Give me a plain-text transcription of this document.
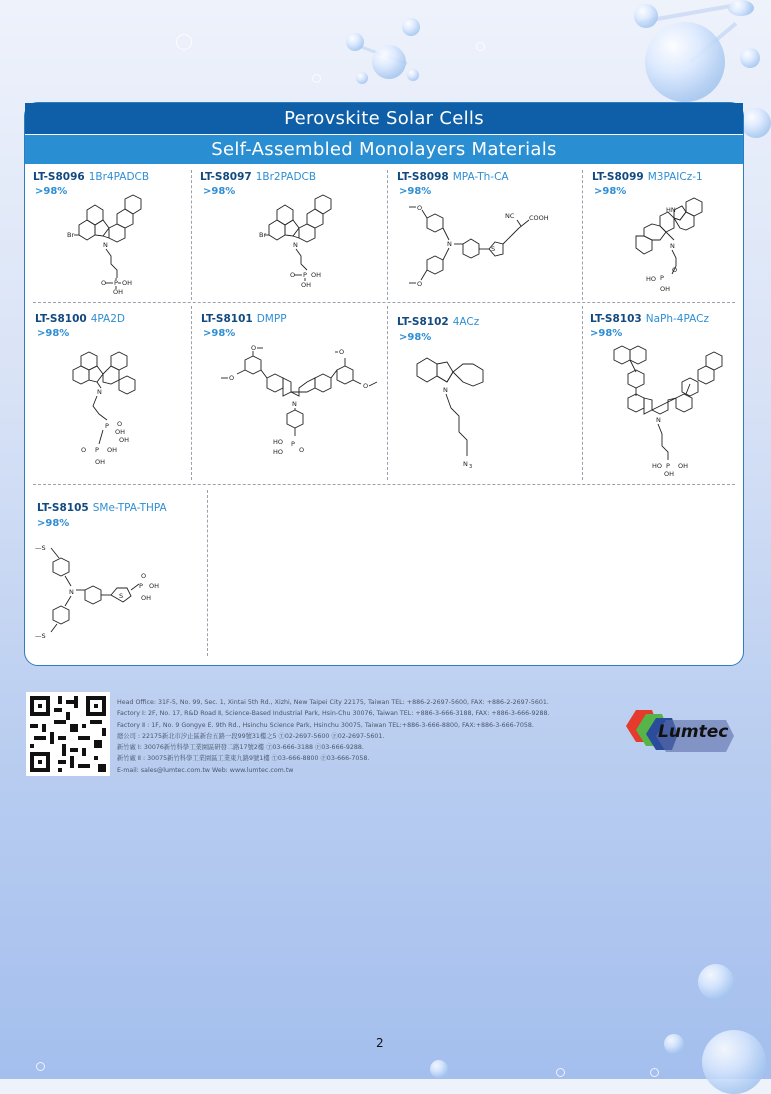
Perovskite Solar Cells
Self-Assembled Monolayers Materials
LT-S8096 1Br4PADCB
>98%
Br
N
P
O OH
OH
LT-S8097 1Br2PADCB
>98%
Br
N
P
O OH
OH
LT-S8098 MPA-Th-CA
>98%
O
N
O
S
NC COOH
LT-S8099 M3PAICz-1
>98%
HN
N
P
HO
O
OH
LT-S8100 4PA2D
>98%
N
P O
OH
OH
P
O	OH
OH
LT-S8101 DMPP
>98%
O
O
O
O
N
P
HO
HO O
LT-S8102 4ACz
>98%
N
N 3
LT-S8103 NaPh-4PACz
>98%
N
P
HO OH
OH
LT-S8105 SMe-TPA-THPA
>98%
—S
N
—S
S
P
O
OH
OH
Head Office: 31F-5, No. 99, Sec. 1, Xintai 5th Rd., Xizhi, New Taipei City 22175, Taiwan TEL: +886-2-2697-5600, FAX: +886-2-2697-5601.
Factory Ⅰ: 2F, No. 17, R&D Road Ⅱ, Science-Based Industrial Park, Hsin-Chu 30076, Taiwan TEL: +886-3-666-3188, FAX: +886-3-666-9288.
Factory Ⅱ : 1F, No. 9 Gongye E. 9th Rd., Hsinchu Science Park, Hsinchu 30075, Taiwan TEL:+886-3-666-8800, FAX:+886-3-666-7058.
總公司 : 22175新北市汐止區新台五路一段99號31樓之5 Ⓣ02-2697-5600 Ⓕ02-2697-5601.
新竹廠 Ⅰ: 30076新竹科學工業園區研發二路17號2樓 Ⓣ03-666-3188 Ⓕ03-666-9288.
新竹廠 Ⅱ : 30075新竹科學工業園區工業東九路9號1樓 Ⓣ03-666-8800 Ⓕ03-666-7058.
E-mail: sales@lumtec.com.tw Web: www.lumtec.com.tw
Lumtec
2
